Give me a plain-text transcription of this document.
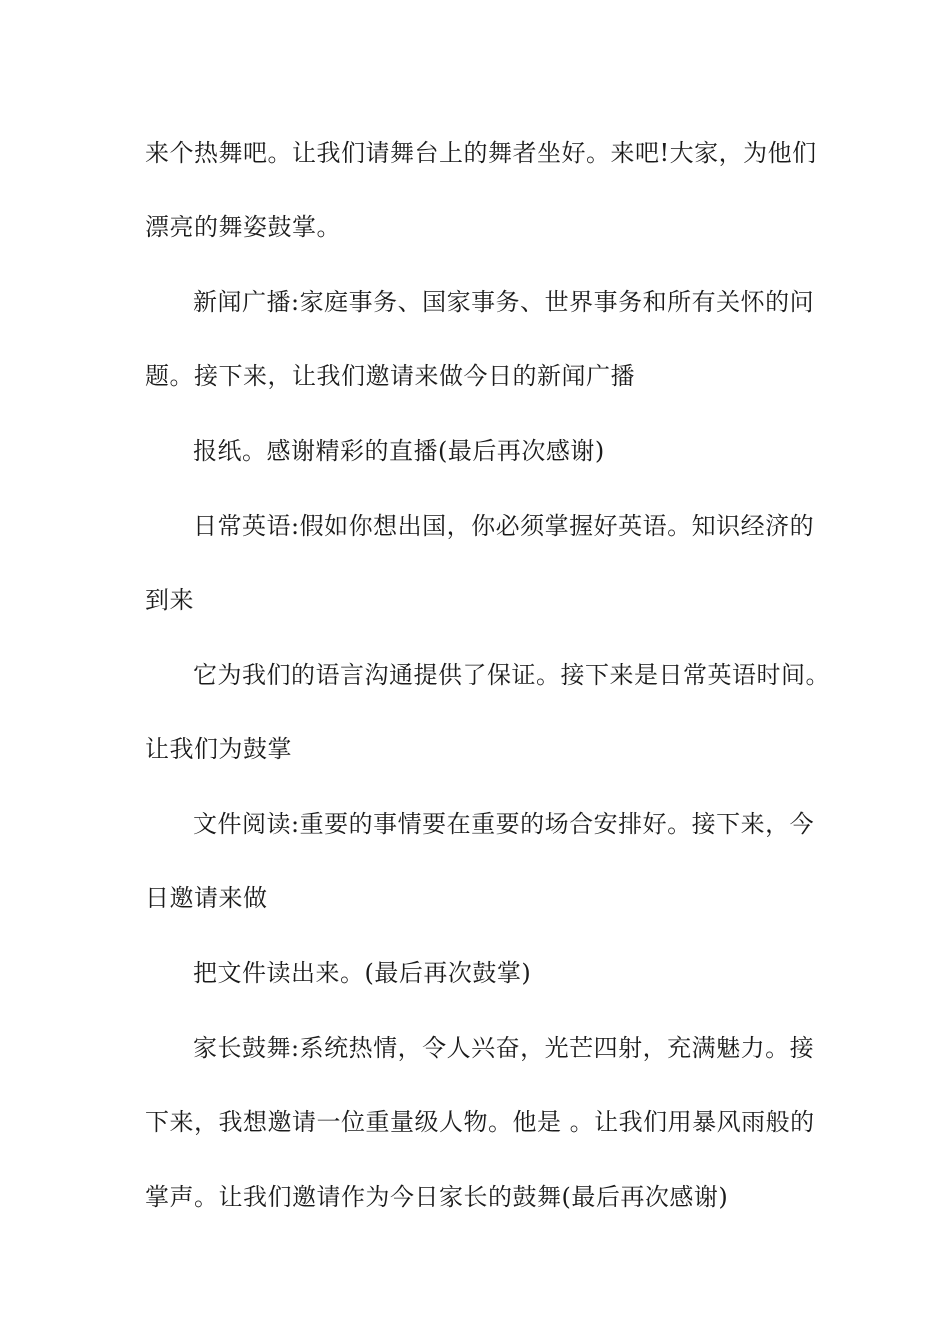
来个热舞吧。让我们请舞台上的舞者坐好。来吧!大家，为他们
漂亮的舞姿鼓掌。
新闻广播:家庭事务、国家事务、世界事务和所有关怀的问
题。接下来，让我们邀请来做今日的新闻广播
报纸。感谢精彩的直播(最后再次感谢)
日常英语:假如你想出国，你必须掌握好英语。知识经济的
到来
它为我们的语言沟通提供了保证。接下来是日常英语时间。
让我们为鼓掌
文件阅读:重要的事情要在重要的场合安排好。接下来，今
日邀请来做
把文件读出来。(最后再次鼓掌)
家长鼓舞:系统热情，令人兴奋，光芒四射，充满魅力。接
下来，我想邀请一位重量级人物。他是 。让我们用暴风雨般的
掌声。让我们邀请作为今日家长的鼓舞(最后再次感谢)
